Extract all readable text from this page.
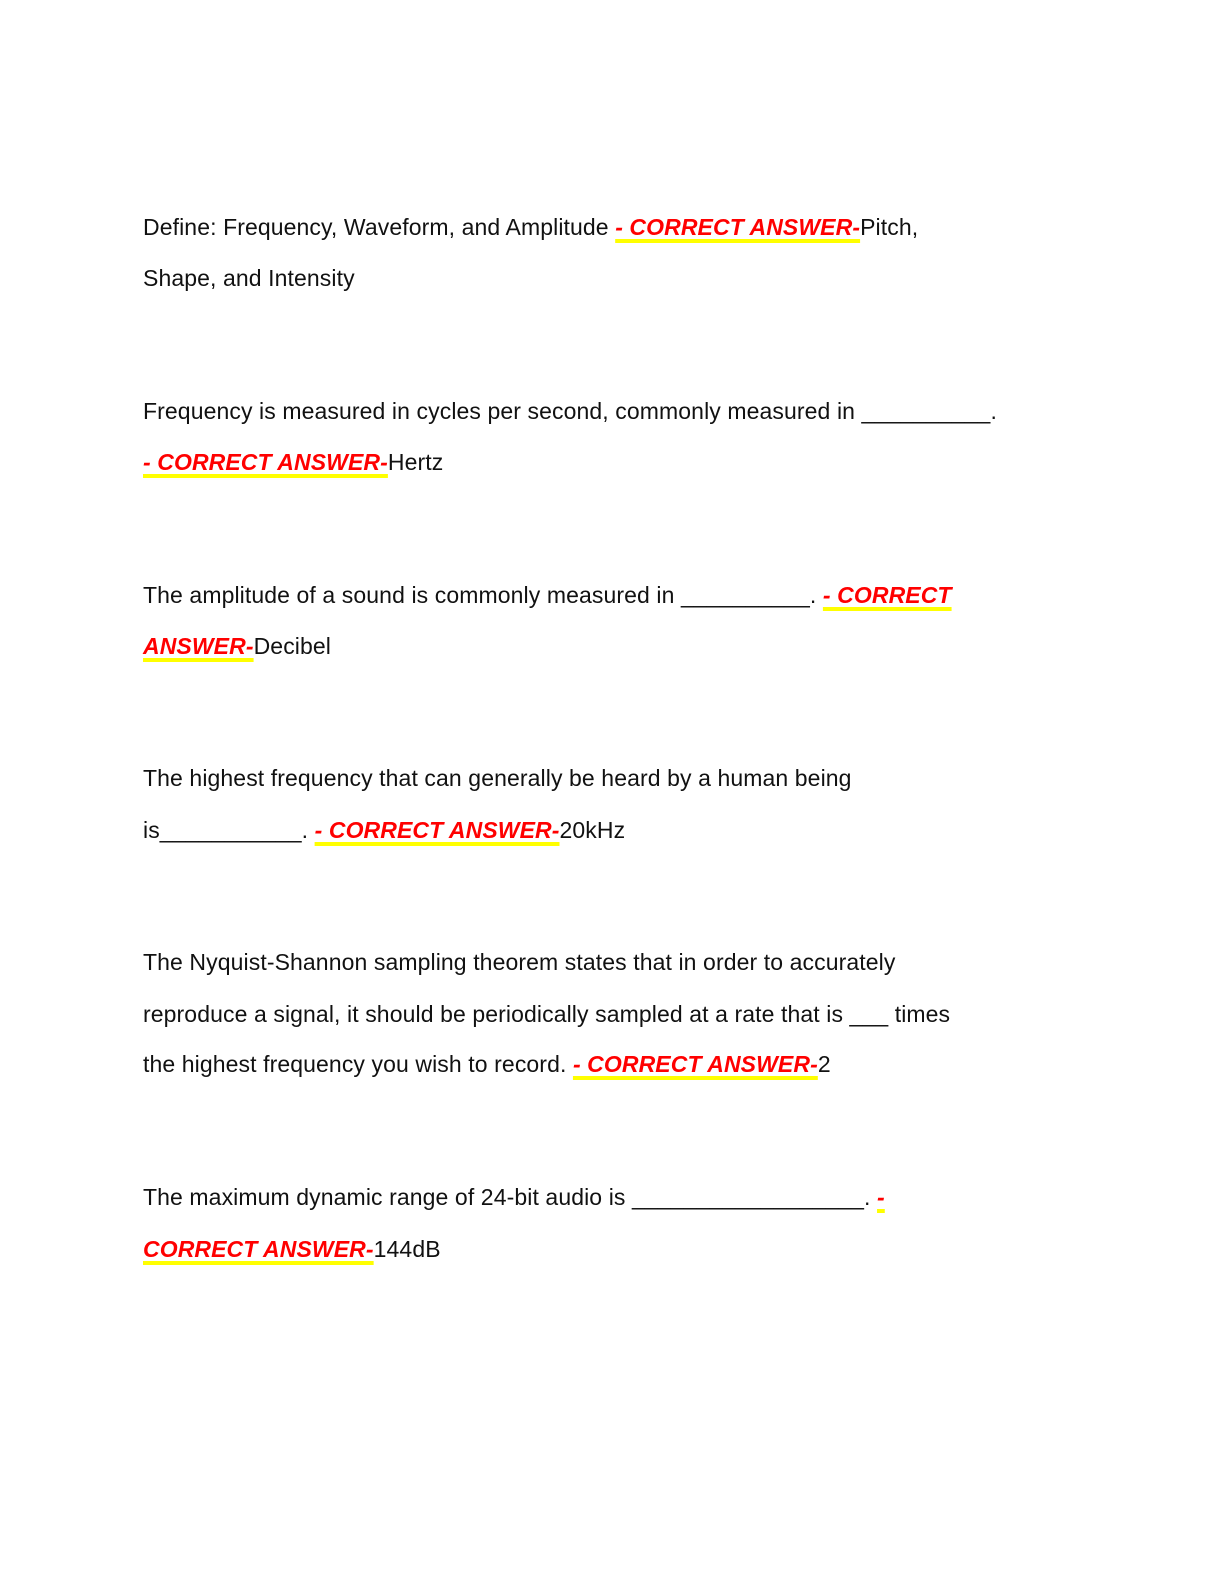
Define: Frequency, Waveform, and Amplitude - CORRECT ANSWER-Pitch,
Shape, and Intensity
Frequency is measured in cycles per second, commonly measured in __________.
- CORRECT ANSWER-Hertz
The amplitude of a sound is commonly measured in __________. - CORRECT
ANSWER-Decibel
The highest frequency that can generally be heard by a human being
is___________. - CORRECT ANSWER-20kHz
The Nyquist-Shannon sampling theorem states that in order to accurately
reproduce a signal, it should be periodically sampled at a rate that is ___ times
the highest frequency you wish to record. - CORRECT ANSWER-2
The maximum dynamic range of 24-bit audio is __________________. -
CORRECT ANSWER-144dB
